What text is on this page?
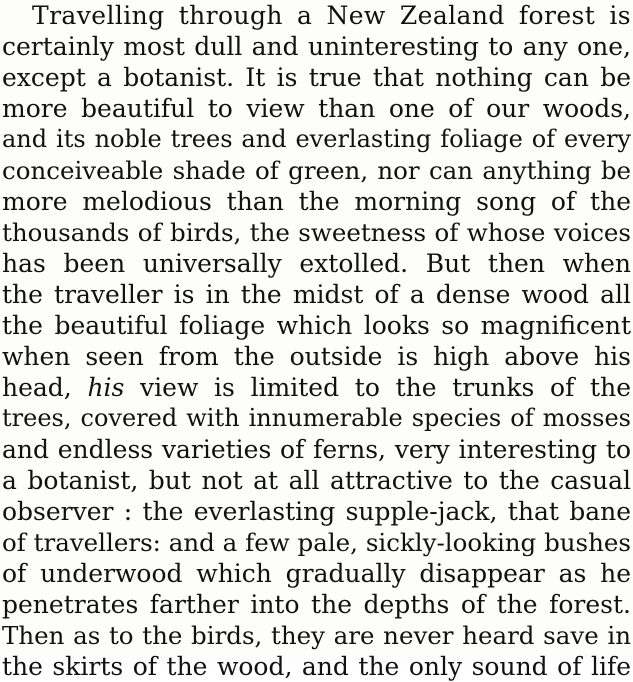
Travelling through a New Zealand forest is
certainly most dull and uninteresting to any one,
except a botanist. It is true that nothing can be
more beautiful to view than one of our woods,
and its noble trees and everlasting foliage of every
conceiveable shade of green, nor can anything be
more melodious than the morning song of the
thousands of birds, the sweetness of whose voices
has been universally extolled. But then when
the traveller is in the midst of a dense wood all
the beautiful foliage which looks so magnificent
when seen from the outside is high above his
head, his view is limited to the trunks of the
trees, covered with innumerable species of mosses
and endless varieties of ferns, very interesting to
a botanist, but not at all attractive to the casual
observer : the everlasting supple-jack, that bane
of travellers: and a few pale, sickly-looking bushes
of underwood which gradually disappear as he
penetrates farther into the depths of the forest.
Then as to the birds, they are never heard save in
the skirts of the wood, and the only sound of life
